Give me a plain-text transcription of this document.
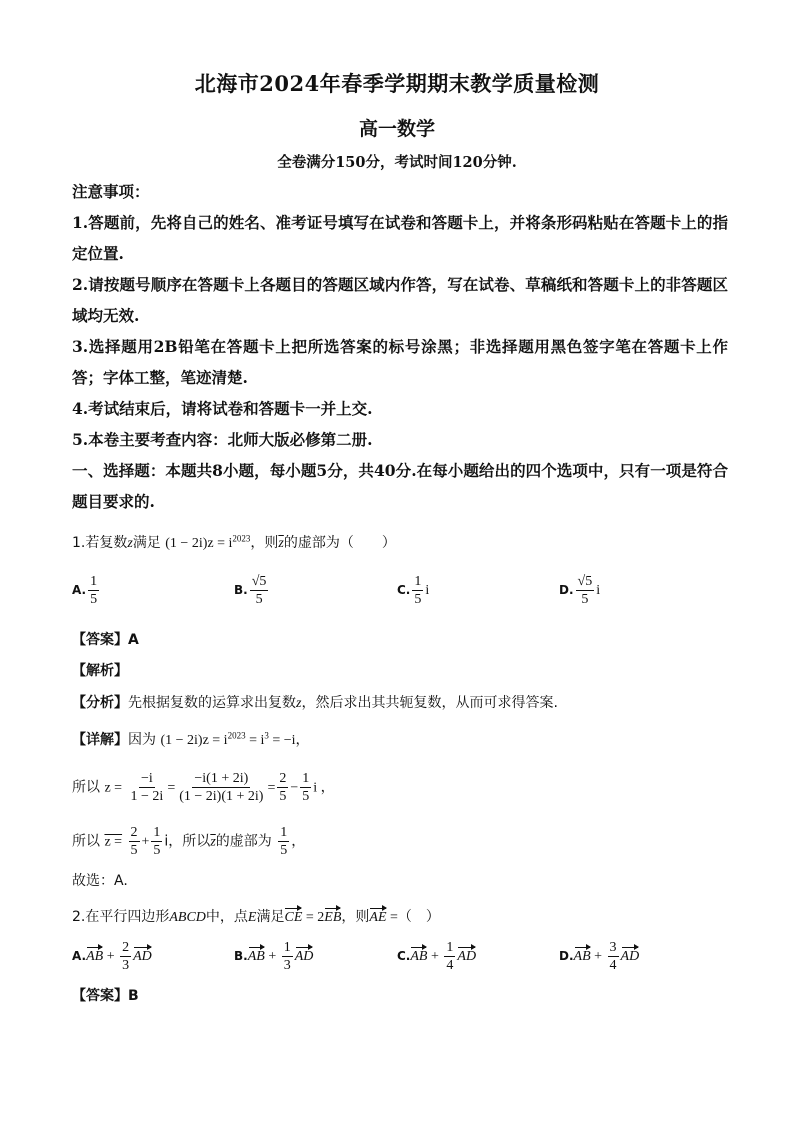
北海市2024年春季学期期末教学质量检测
高一数学
全卷满分150分，考试时间120分钟.
注意事项：
1.答题前，先将自己的姓名、准考证号填写在试卷和答题卡上，并将条形码粘贴在答题卡上的指定位置.
2.请按题号顺序在答题卡上各题目的答题区域内作答，写在试卷、草稿纸和答题卡上的非答题区域均无效.
3.选择题用2B铅笔在答题卡上把所选答案的标号涂黑；非选择题用黑色签字笔在答题卡上作答；字体工整，笔迹清楚.
4.考试结束后，请将试卷和答题卡一并上交.
5.本卷主要考查内容：北师大版必修第二册.
一、选择题：本题共8小题，每小题5分，共40分.在每小题给出的四个选项中，只有一项是符合题目要求的.
1.若复数z满足 $(1 - 2i)z = i^{2023}$，则$\overline{z}$的虚部为（　　）
A. $\frac{1}{5}$	B. $\frac{√5}{5}$	C. $\frac{1}{5}$ i	D. $\frac{√5}{5}$ i
【答案】A
【解析】
【分析】先根据复数的运算求出复数z，然后求出其共轭复数，从而可求得答案.
【详解】因为 $(1 - 2i)z = i^{2023} = i^3 = -i$，
所以 $z = \frac{-i}{1 - 2i} = \frac{-i(1 + 2i)}{(1 - 2i)(1 + 2i)} = \frac{2}{5} - \frac{1}{5}$ i ，
所以 $z = \frac{2}{5} + \frac{1}{5}$ i，所以$\overline{z}$的虚部为 $\frac{1}{5}$ ，
故选：A.
2.在平行四边形ABCD中，点E满足CE = 2EB，则AE =（　）
$A.AB + \frac{2}{3}$ AD	$B.AB + \frac{1}{3}$ AD	$C.AB + \frac{1}{4}$ AD	$D.AB + \frac{3}{4}$ AD
【答案】B
